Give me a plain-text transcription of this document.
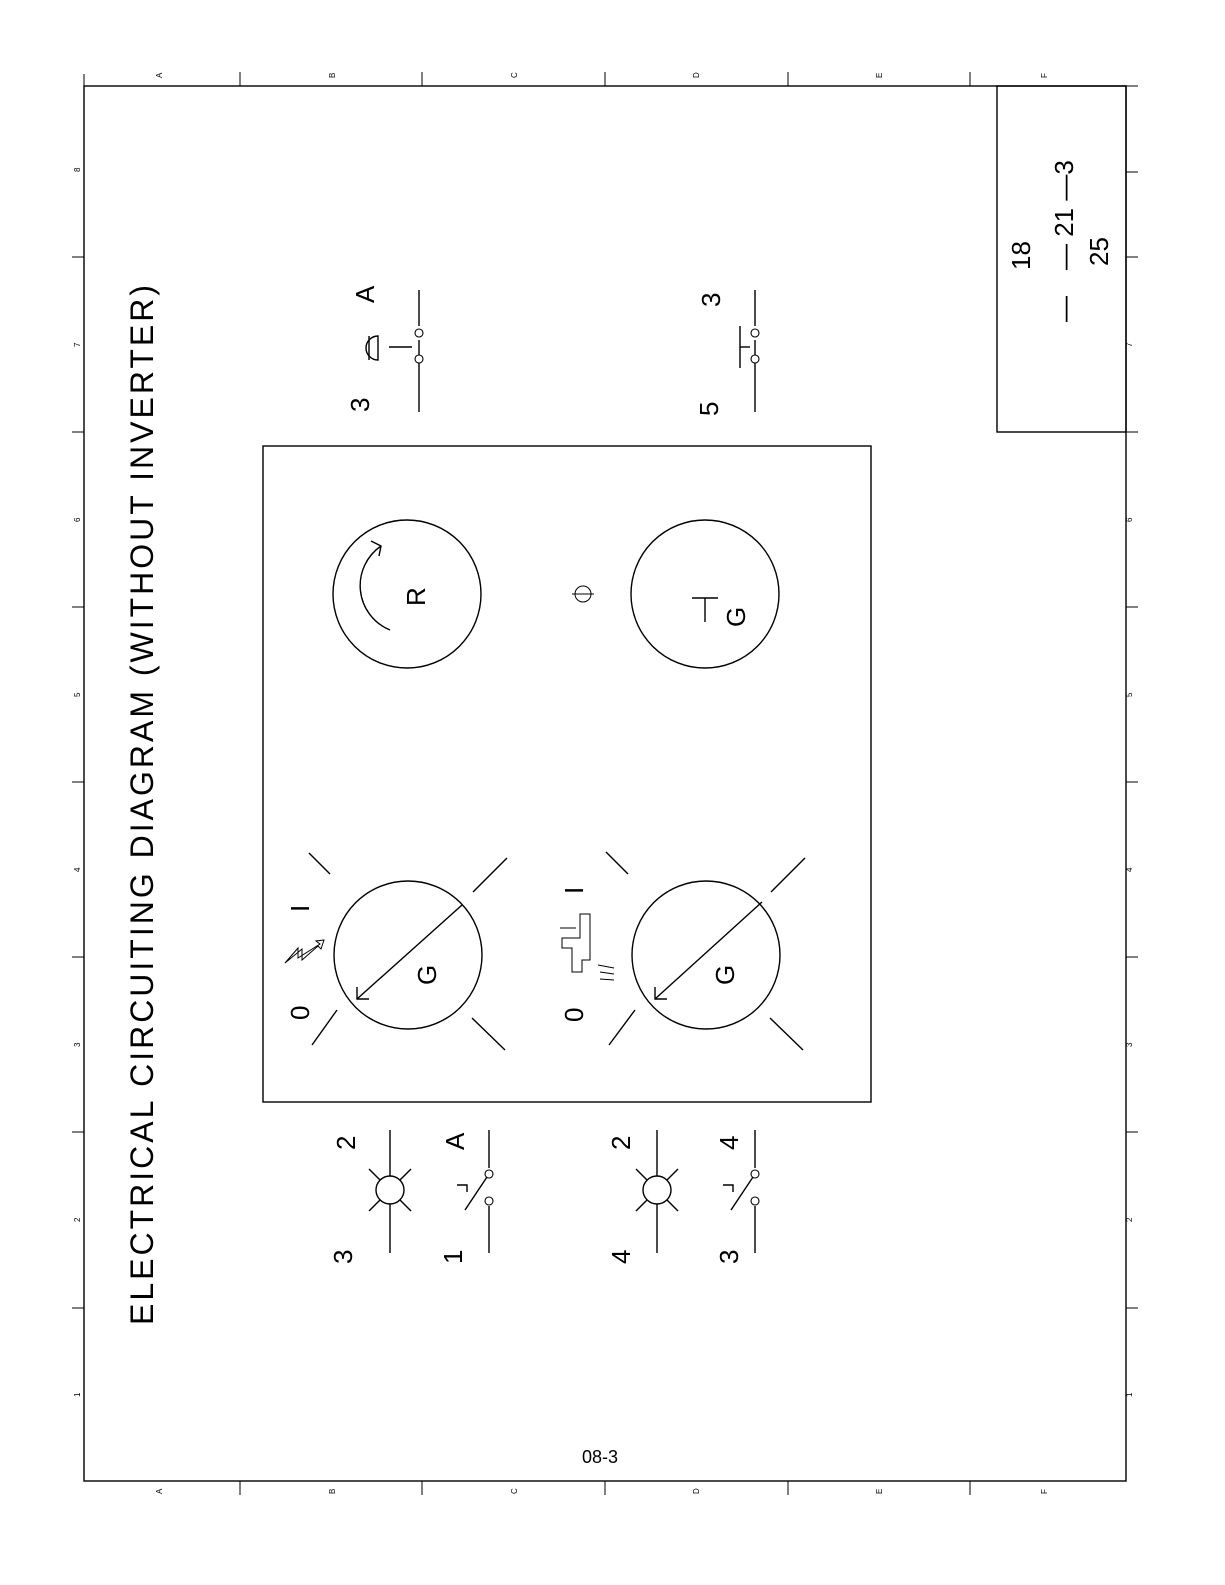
A	B	C	D	E	F
A	B	C	D	E	F
8
7
6
5
4
3
2
1
7
6
5
4
3
2
1
18 — 21 —3 25
—
ELECTRICAL CIRCUITING DIAGRAM (WITHOUT INVERTER)	0
I
G
0
I
G
R
G
3
A
5
3
3
2
1
A
4
2
3
4
08-3
